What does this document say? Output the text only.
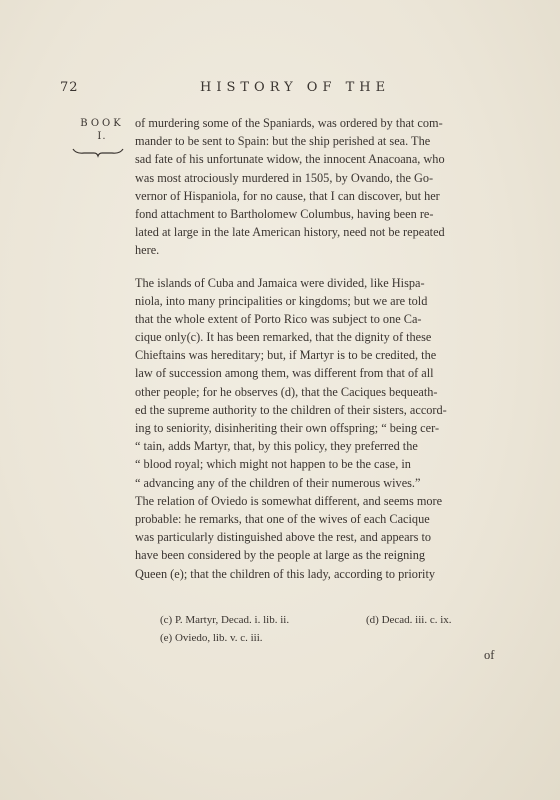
72	HISTORY OF THE
BOOK
I.
of murdering some of the Spaniards, was ordered by that com-
mander to be sent to Spain: but the ship perished at sea. The
sad fate of his unfortunate widow, the innocent Anacoana, who
was most atrociously murdered in 1505, by Ovando, the Go-
vernor of Hispaniola, for no cause, that I can discover, but her
fond attachment to Bartholomew Columbus, having been re-
lated at large in the late American history, need not be repeated
here.
The islands of Cuba and Jamaica were divided, like Hispa-
niola, into many principalities or kingdoms; but we are told
that the whole extent of Porto Rico was subject to one Ca-
cique only(c). It has been remarked, that the dignity of these
Chieftains was hereditary; but, if Martyr is to be credited, the
law of succession among them, was different from that of all
other people; for he observes (d), that the Caciques bequeath-
ed the supreme authority to the children of their sisters, accord-
ing to seniority, disinheriting their own offspring; “ being cer-
“ tain, adds Martyr, that, by this policy, they preferred the
“ blood royal; which might not happen to be the case, in
“ advancing any of the children of their numerous wives.”
The relation of Oviedo is somewhat different, and seems more
probable: he remarks, that one of the wives of each Cacique
was particularly distinguished above the rest, and appears to
have been considered by the people at large as the reigning
Queen (e); that the children of this lady, according to priority
(c) P. Martyr, Decad. i. lib. ii.	(d) Decad. iii. c. ix.
(e) Oviedo, lib. v. c. iii.
of
